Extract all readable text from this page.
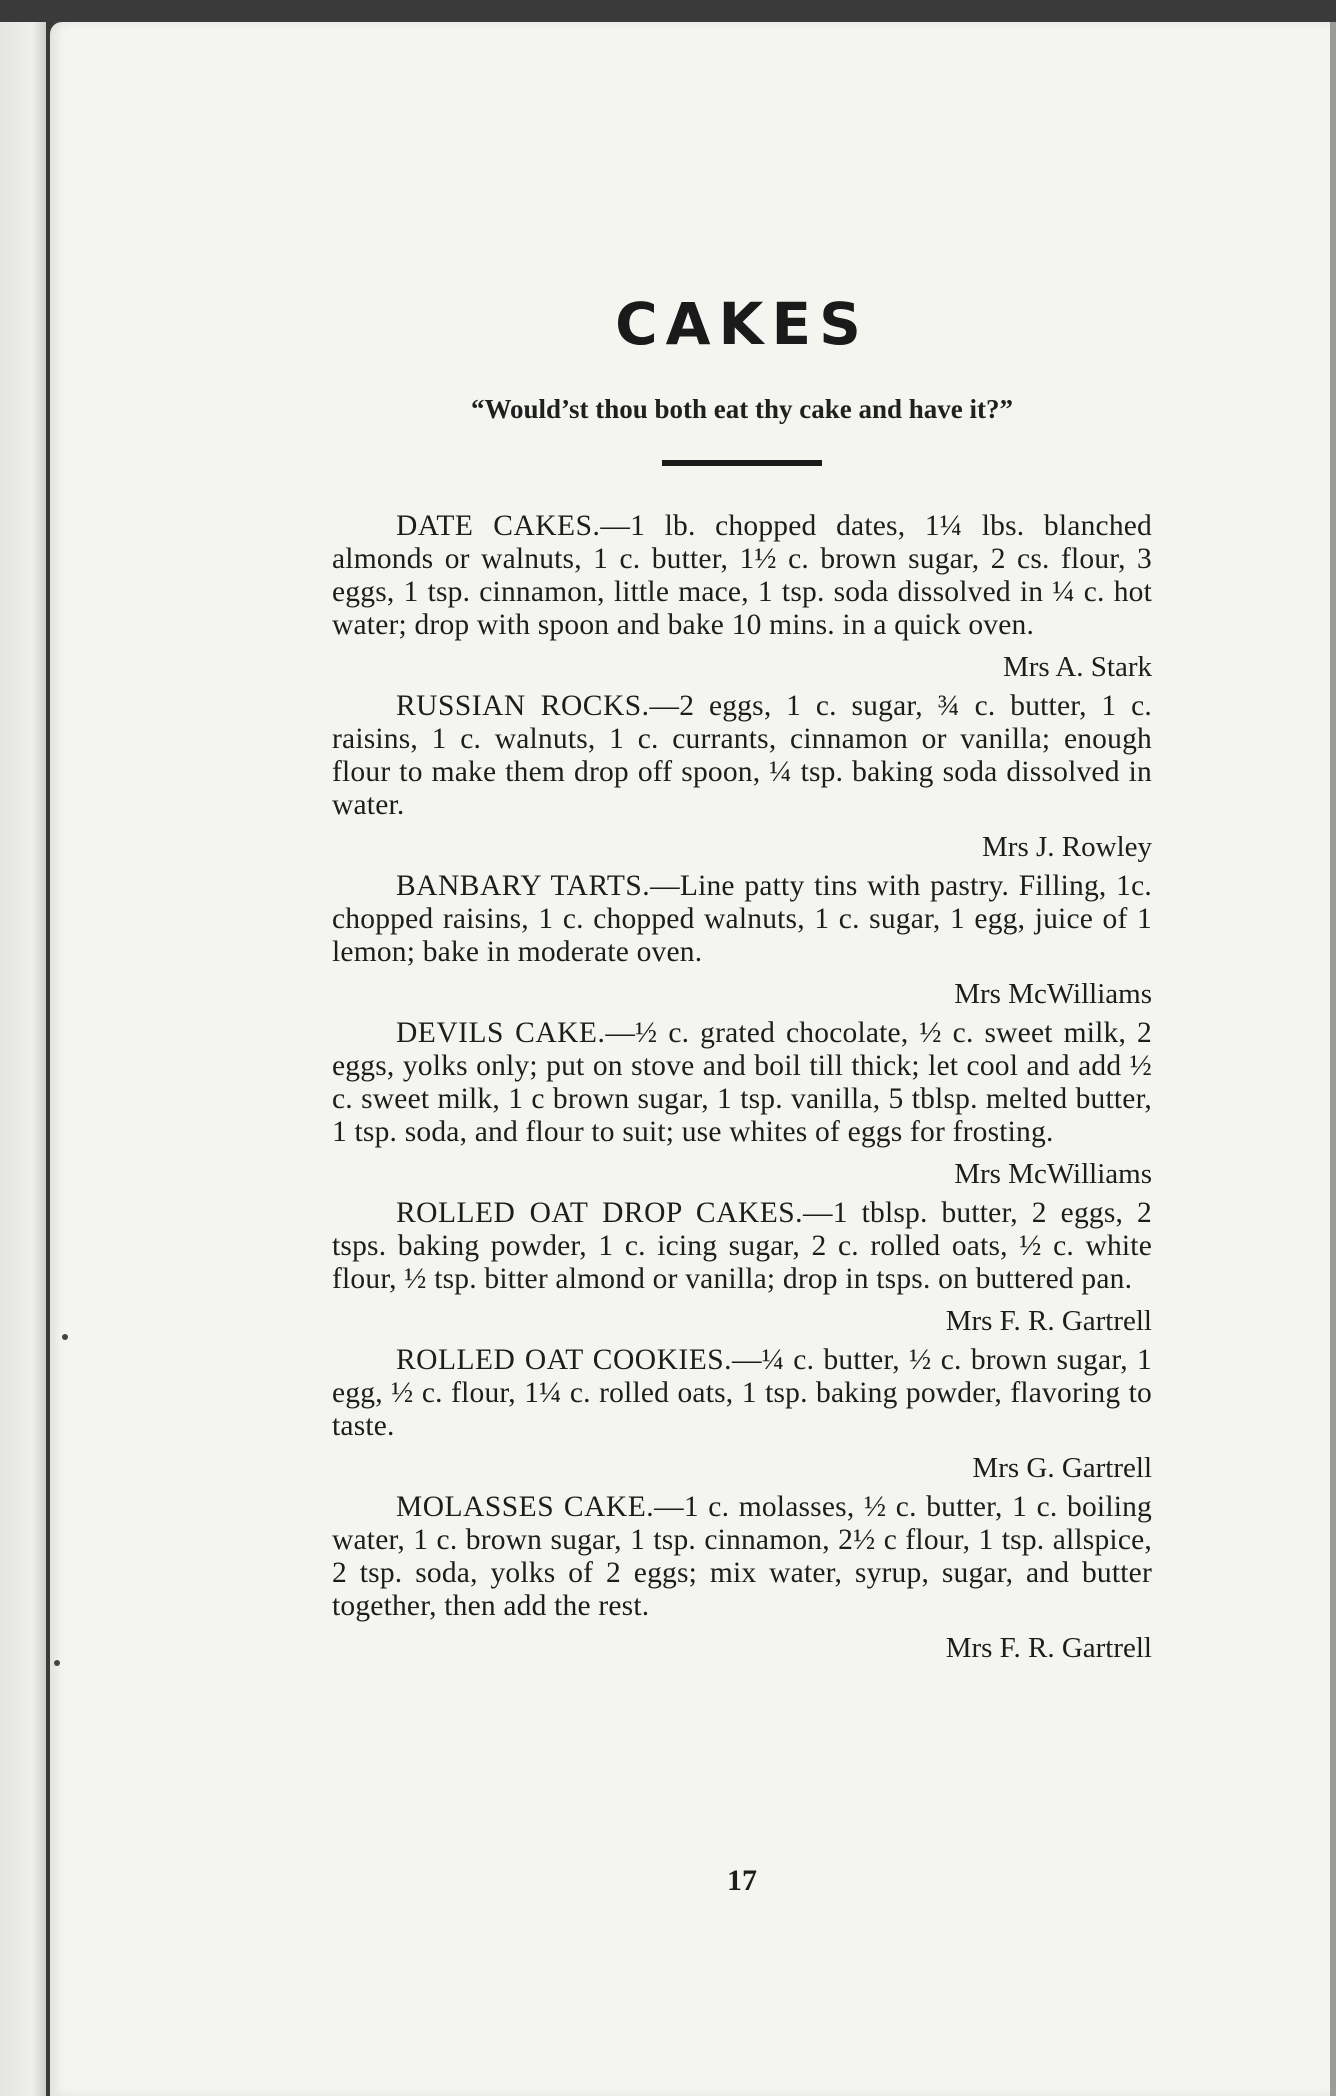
CAKES
“Would’st thou both eat thy cake and have it?”

DATE CAKES.—1 lb. chopped dates, 1¼ lbs. blanched almonds or walnuts, 1 c. butter, 1½ c. brown sugar, 2 cs. flour, 3 eggs, 1 tsp. cinnamon, little mace, 1 tsp. soda dissolved in ¼ c. hot water; drop with spoon and bake 10 mins. in a quick oven.

Mrs A. Stark

RUSSIAN ROCKS.—2 eggs, 1 c. sugar, ¾ c. butter, 1 c. raisins, 1 c. walnuts, 1 c. currants, cinnamon or vanilla; enough flour to make them drop off spoon, ¼ tsp. baking soda dissolved in water.

Mrs J. Rowley

BANBARY TARTS.—Line patty tins with pastry. Filling, 1c. chopped raisins, 1 c. chopped walnuts, 1 c. sugar, 1 egg, juice of 1 lemon; bake in moderate oven.

Mrs McWilliams

DEVILS CAKE.—½ c. grated chocolate, ½ c. sweet milk, 2 eggs, yolks only; put on stove and boil till thick; let cool and add ½ c. sweet milk, 1 c brown sugar, 1 tsp. vanilla, 5 tblsp. melted butter, 1 tsp. soda, and flour to suit; use whites of eggs for frosting.

Mrs McWilliams

ROLLED OAT DROP CAKES.—1 tblsp. butter, 2 eggs, 2 tsps. baking powder, 1 c. icing sugar, 2 c. rolled oats, ½ c. white flour, ½ tsp. bitter almond or vanilla; drop in tsps. on buttered pan.

Mrs F. R. Gartrell

ROLLED OAT COOKIES.—¼ c. butter, ½ c. brown sugar, 1 egg, ½ c. flour, 1¼ c. rolled oats, 1 tsp. baking powder, flavoring to taste.

Mrs G. Gartrell

MOLASSES CAKE.—1 c. molasses, ½ c. butter, 1 c. boiling water, 1 c. brown sugar, 1 tsp. cinnamon, 2½ c flour, 1 tsp. allspice, 2 tsp. soda, yolks of 2 eggs; mix water, syrup, sugar, and butter together, then add the rest.

Mrs F. R. Gartrell
17
